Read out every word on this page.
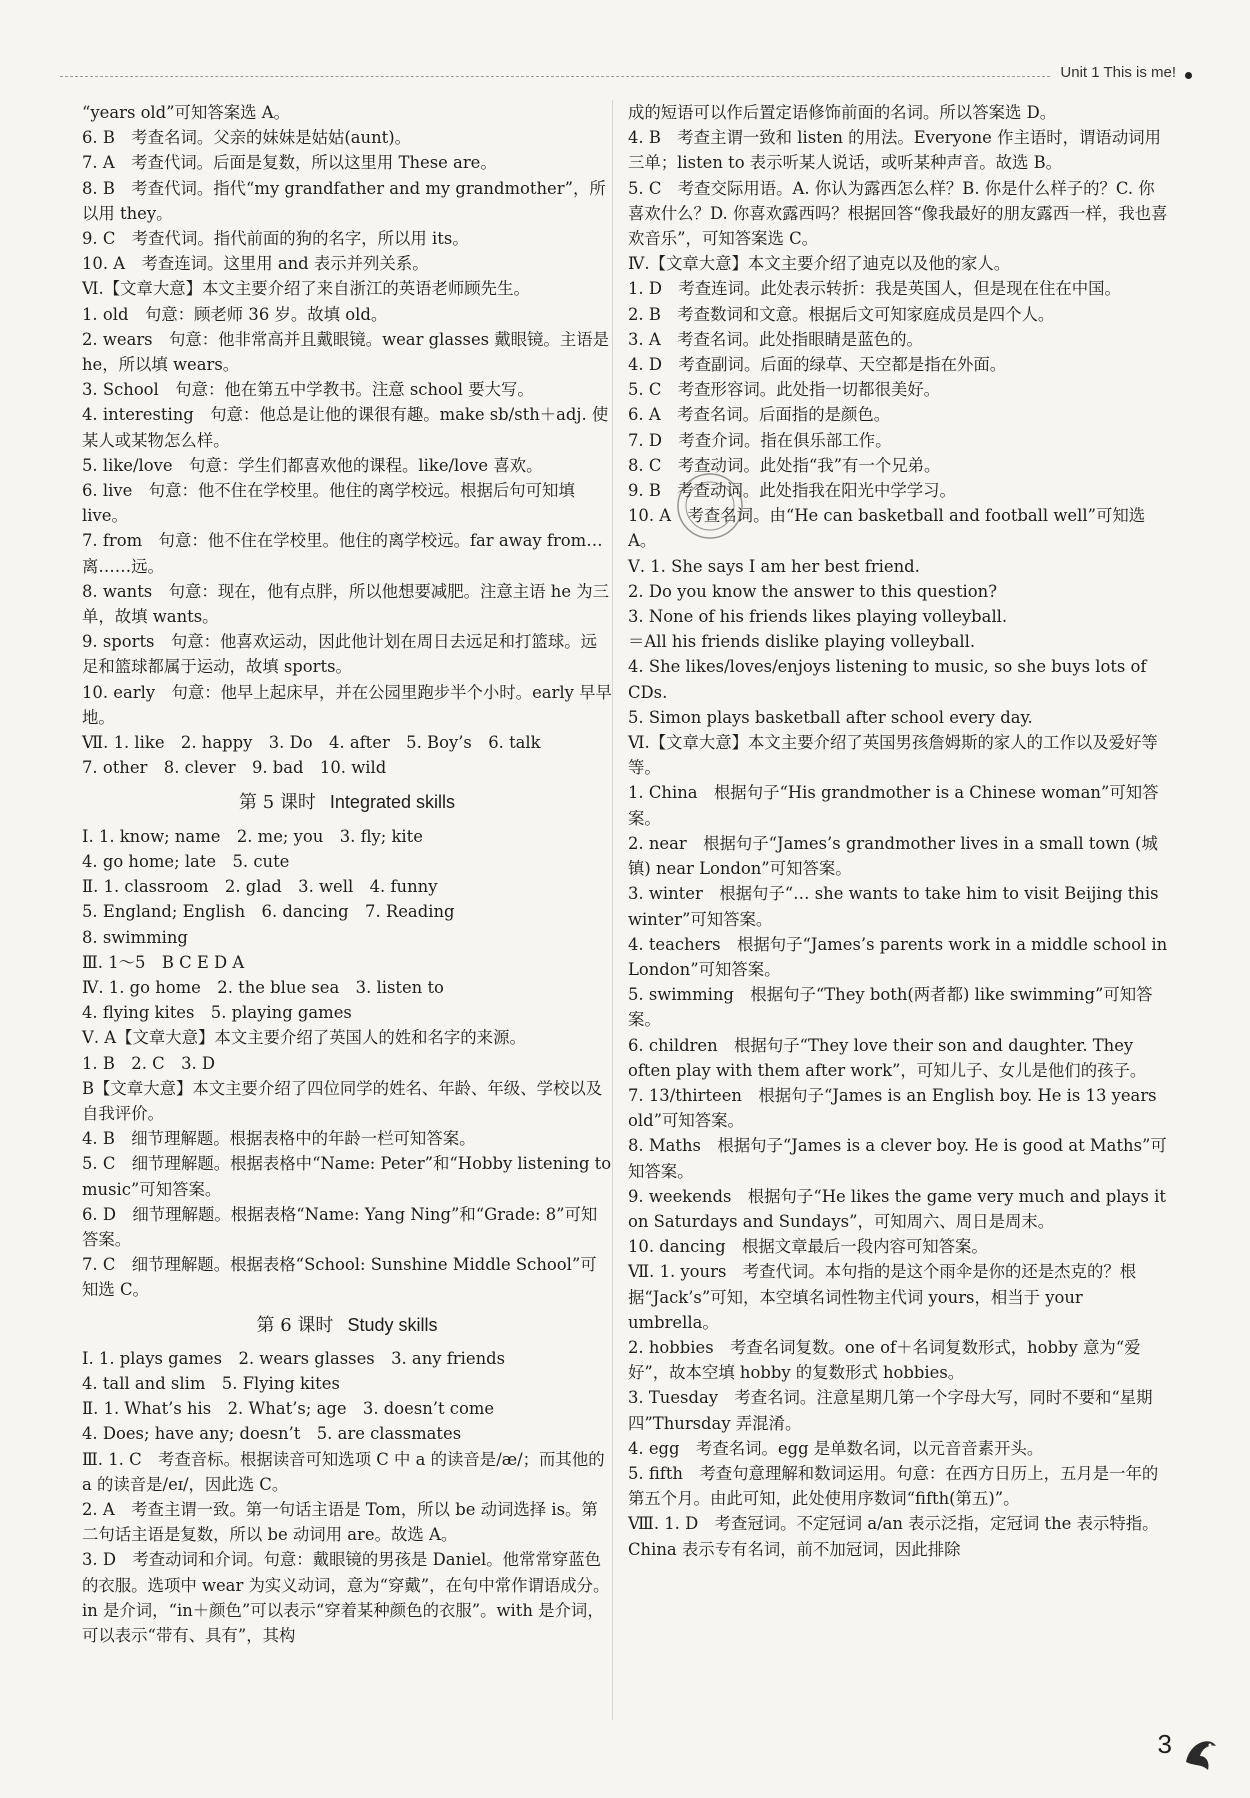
Unit 1 This is me!

“years old”可知答案选 A。

6. B　考查名词。父亲的妹妹是姑姑(aunt)。

7. A　考查代词。后面是复数，所以这里用 These are。

8. B　考查代词。指代“my grandfather and my grandmother”，所以用 they。

9. C　考查代词。指代前面的狗的名字，所以用 its。

10. A　考查连词。这里用 and 表示并列关系。

Ⅵ.【文章大意】本文主要介绍了来自浙江的英语老师顾先生。

1. old　句意：顾老师 36 岁。故填 old。

2. wears　句意：他非常高并且戴眼镜。wear glasses 戴眼镜。主语是 he，所以填 wears。

3. School　句意：他在第五中学教书。注意 school 要大写。

4. interesting　句意：他总是让他的课很有趣。make sb/sth＋adj. 使某人或某物怎么样。

5. like/love　句意：学生们都喜欢他的课程。like/love 喜欢。

6. live　句意：他不住在学校里。他住的离学校远。根据后句可知填 live。

7. from　句意：他不住在学校里。他住的离学校远。far away from… 离……远。

8. wants　句意：现在，他有点胖，所以他想要减肥。注意主语 he 为三单，故填 wants。

9. sports　句意：他喜欢运动，因此他计划在周日去远足和打篮球。远足和篮球都属于运动，故填 sports。

10. early　句意：他早上起床早，并在公园里跑步半个小时。early 早早地。

Ⅶ. 1. like　2. happy　3. Do　4. after　5. Boy’s　6. talk

7. other　8. clever　9. bad　10. wild

第 5 课时 Integrated skills

Ⅰ. 1. know; name　2. me; you　3. fly; kite

4. go home; late　5. cute

Ⅱ. 1. classroom　2. glad　3. well　4. funny

5. England; English　6. dancing　7. Reading

8. swimming

Ⅲ. 1～5　B C E D A

Ⅳ. 1. go home　2. the blue sea　3. listen to

4. flying kites　5. playing games

Ⅴ. A【文章大意】本文主要介绍了英国人的姓和名字的来源。

1. B　2. C　3. D

B【文章大意】本文主要介绍了四位同学的姓名、年龄、年级、学校以及自我评价。

4. B　细节理解题。根据表格中的年龄一栏可知答案。

5. C　细节理解题。根据表格中“Name: Peter”和“Hobby listening to music”可知答案。

6. D　细节理解题。根据表格“Name: Yang Ning”和“Grade: 8”可知答案。

7. C　细节理解题。根据表格“School: Sunshine Middle School”可知选 C。

第 6 课时 Study skills

Ⅰ. 1. plays games　2. wears glasses　3. any friends

4. tall and slim　5. Flying kites

Ⅱ. 1. What’s his　2. What’s; age　3. doesn’t come

4. Does; have any; doesn’t　5. are classmates

Ⅲ. 1. C　考查音标。根据读音可知选项 C 中 a 的读音是/æ/；而其他的 a 的读音是/eɪ/，因此选 C。

2. A　考查主谓一致。第一句话主语是 Tom，所以 be 动词选择 is。第二句话主语是复数，所以 be 动词用 are。故选 A。

3. D　考查动词和介词。句意：戴眼镜的男孩是 Daniel。他常常穿蓝色的衣服。选项中 wear 为实义动词，意为“穿戴”，在句中常作谓语成分。in 是介词，“in＋颜色”可以表示“穿着某种颜色的衣服”。with 是介词，可以表示“带有、具有”，其构

成的短语可以作后置定语修饰前面的名词。所以答案选 D。

4. B　考查主谓一致和 listen 的用法。Everyone 作主语时，谓语动词用三单；listen to 表示听某人说话，或听某种声音。故选 B。

5. C　考查交际用语。A. 你认为露西怎么样？B. 你是什么样子的？C. 你喜欢什么？D. 你喜欢露西吗？根据回答“像我最好的朋友露西一样，我也喜欢音乐”，可知答案选 C。

Ⅳ.【文章大意】本文主要介绍了迪克以及他的家人。

1. D　考查连词。此处表示转折：我是英国人，但是现在住在中国。

2. B　考查数词和文意。根据后文可知家庭成员是四个人。

3. A　考查名词。此处指眼睛是蓝色的。

4. D　考查副词。后面的绿草、天空都是指在外面。

5. C　考查形容词。此处指一切都很美好。

6. A　考查名词。后面指的是颜色。

7. D　考查介词。指在俱乐部工作。

8. C　考查动词。此处指“我”有一个兄弟。

9. B　考查动词。此处指我在阳光中学学习。

10. A　考查名词。由“He can basketball and football well”可知选 A。

Ⅴ. 1. She says I am her best friend.

2. Do you know the answer to this question?

3. None of his friends likes playing volleyball.

＝All his friends dislike playing volleyball.

4. She likes/loves/enjoys listening to music, so she buys lots of CDs.

5. Simon plays basketball after school every day.

Ⅵ.【文章大意】本文主要介绍了英国男孩詹姆斯的家人的工作以及爱好等等。

1. China　根据句子“His grandmother is a Chinese woman”可知答案。

2. near　根据句子“James’s grandmother lives in a small town (城镇) near London”可知答案。

3. winter　根据句子“… she wants to take him to visit Beijing this winter”可知答案。

4. teachers　根据句子“James’s parents work in a middle school in London”可知答案。

5. swimming　根据句子“They both(两者都) like swimming”可知答案。

6. children　根据句子“They love their son and daughter. They often play with them after work”，可知儿子、女儿是他们的孩子。

7. 13/thirteen　根据句子“James is an English boy. He is 13 years old”可知答案。

8. Maths　根据句子“James is a clever boy. He is good at Maths”可知答案。

9. weekends　根据句子“He likes the game very much and plays it on Saturdays and Sundays”，可知周六、周日是周末。

10. dancing　根据文章最后一段内容可知答案。

Ⅶ. 1. yours　考查代词。本句指的是这个雨伞是你的还是杰克的？根据“Jack’s”可知，本空填名词性物主代词 yours，相当于 your umbrella。

2. hobbies　考查名词复数。one of＋名词复数形式，hobby 意为“爱好”，故本空填 hobby 的复数形式 hobbies。

3. Tuesday　考查名词。注意星期几第一个字母大写，同时不要和“星期四”Thursday 弄混淆。

4. egg　考查名词。egg 是单数名词，以元音音素开头。

5. fifth　考查句意理解和数词运用。句意：在西方日历上，五月是一年的第五个月。由此可知，此处使用序数词“fifth(第五)”。

Ⅷ. 1. D　考查冠词。不定冠词 a/an 表示泛指，定冠词 the 表示特指。China 表示专有名词，前不加冠词，因此排除

3
